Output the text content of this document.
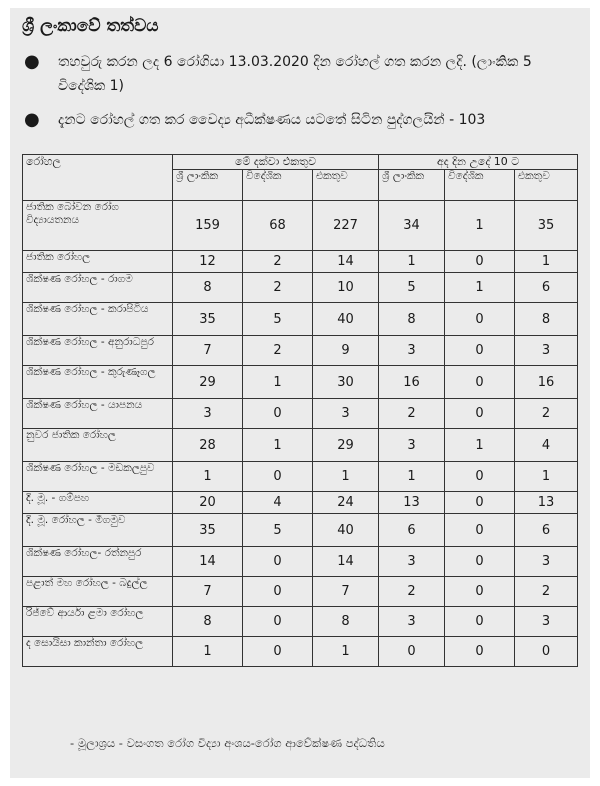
ශ්‍රී ලංකාවේ තත්වය
● තහවුරු කරන ලද 6 රෝගියා 13.03.2020 දින රෝහල් ගත කරන ලදි. (ලාංකික 5 විදේශික 1)
● දැනට රෝහල් ගත කර වෛද්‍ය අධීක්ෂණය යටතේ සිටින පුද්ගලයින් - 103
රෝහල	මේ දක්වා එකතුව			අද දින උදේ 10 ට		
	ශ්‍රී ලාංකික	විදේශික	එකතුව	ශ්‍රී ලාංකික	විදේශික	එකතුව
ජාතික බෝවන රෝග විද්‍යායතනය	159	68	227	34	1	35
ජාතික රෝහල	12	2	14	1	0	1
ශික්ෂණ රෝහල - රාගම	8	2	10	5	1	6
ශික්ෂණ රෝහල - කරාපිටිය	35	5	40	8	0	8
ශික්ෂණ රෝහල - අනුරාධපුර	7	2	9	3	0	3
ශික්ෂණ රෝහල - කුරුණෑගල	29	1	30	16	0	16
ශික්ෂණ රෝහල - යාපනය	3	0	3	2	0	2
නුවර ජාතික රෝහල	28	1	29	3	1	4
ශික්ෂණ රෝහල - මඩකලපුව	1	0	1	1	0	1
දි. මූ. - ගම්පහ	20	4	24	13	0	13
දි. මූ. රෝහල - මීගමුව	35	5	40	6	0	6
ශික්ෂණ රෝහල- රත්නපුර	14	0	14	3	0	3
පළාත් මහ රෝහල - බදුල්ල	7	0	7	2	0	2
රිජ්වේ ආර්යා ළමා රෝහල	8	0	8	3	0	3
ද සොයිසා කාන්තා රෝහල	1	0	1	0	0	0
- මූලාශ්‍රය - වසංගත රෝග විද්‍යා අංශය-රෝග ආවේක්ෂණ පද්ධතිය
